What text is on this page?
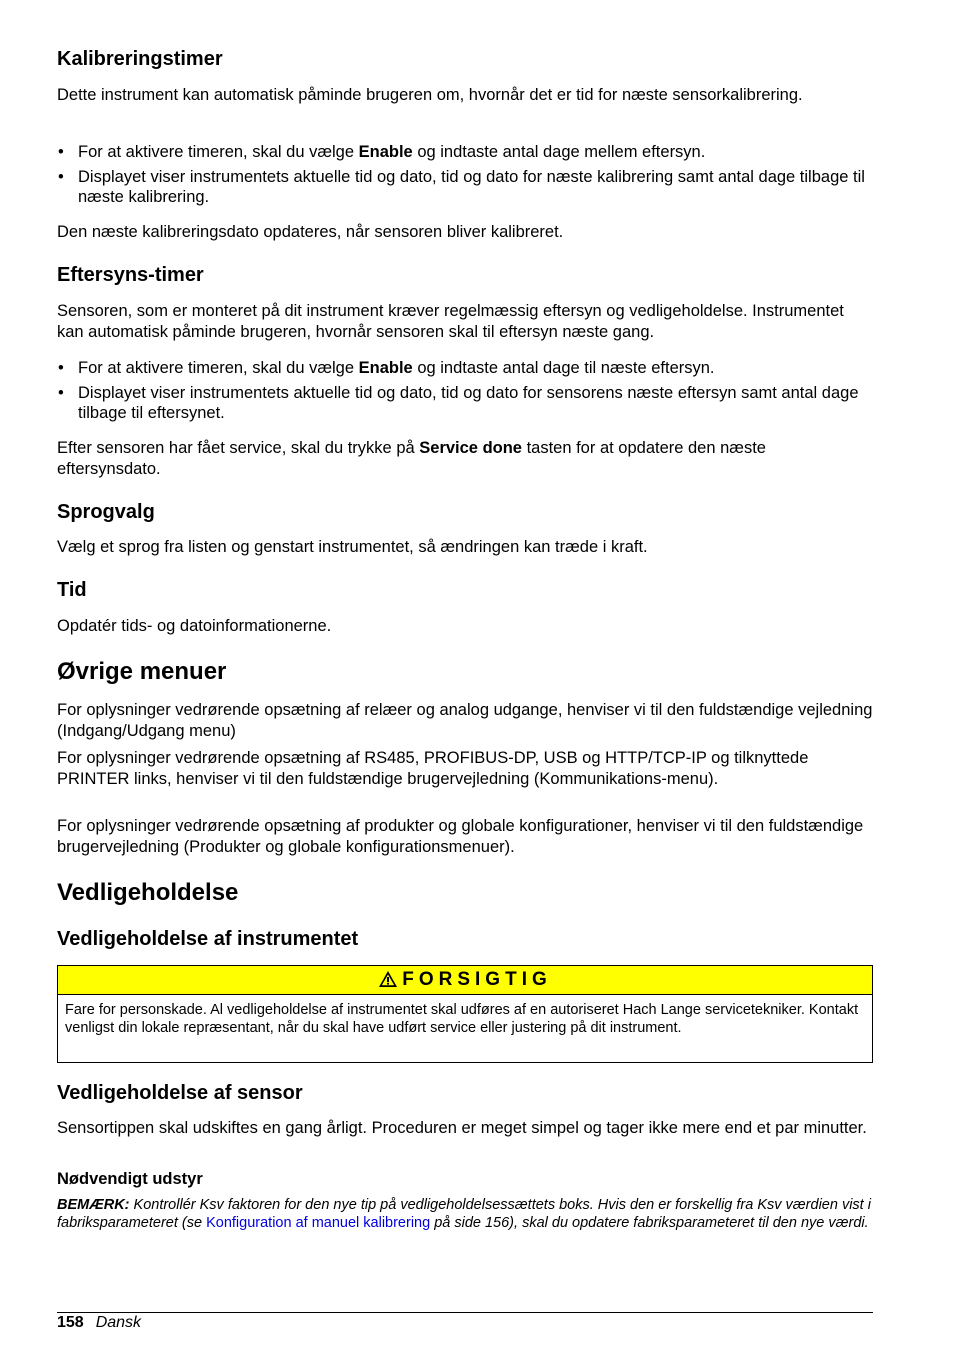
Kalibreringstimer

Dette instrument kan automatisk påminde brugeren om, hvornår det er tid for næste sensorkalibrering.

• For at aktivere timeren, skal du vælge Enable og indtaste antal dage mellem eftersyn.
• Displayet viser instrumentets aktuelle tid og dato, tid og dato for næste kalibrering samt antal dage tilbage til næste kalibrering.

Den næste kalibreringsdato opdateres, når sensoren bliver kalibreret.

Eftersyns-timer

Sensoren, som er monteret på dit instrument kræver regelmæssig eftersyn og vedligeholdelse. Instrumentet kan automatisk påminde brugeren, hvornår sensoren skal til eftersyn næste gang.

• For at aktivere timeren, skal du vælge Enable og indtaste antal dage til næste eftersyn.
• Displayet viser instrumentets aktuelle tid og dato, tid og dato for sensorens næste eftersyn samt antal dage tilbage til eftersynet.

Efter sensoren har fået service, skal du trykke på Service done tasten for at opdatere den næste eftersynsdato.

Sprogvalg

Vælg et sprog fra listen og genstart instrumentet, så ændringen kan træde i kraft.

Tid

Opdatér tids- og datoinformationerne.

Øvrige menuer

For oplysninger vedrørende opsætning af relæer og analog udgange, henviser vi til den fuldstændige vejledning (Indgang/Udgang menu)

For oplysninger vedrørende opsætning af RS485, PROFIBUS-DP, USB og HTTP/TCP-IP og tilknyttede PRINTER links, henviser vi til den fuldstændige brugervejledning (Kommunikations-menu).

For oplysninger vedrørende opsætning af produkter og globale konfigurationer, henviser vi til den fuldstændige brugervejledning (Produkter og globale konfigurationsmenuer).

Vedligeholdelse
Vedligeholdelse af instrumentet
FORSIGTIG
Fare for personskade. Al vedligeholdelse af instrumentet skal udføres af en autoriseret Hach Lange servicetekniker. Kontakt venligst din lokale repræsentant, når du skal have udført service eller justering på dit instrument.
Vedligeholdelse af sensor

Sensortippen skal udskiftes en gang årligt. Proceduren er meget simpel og tager ikke mere end et par minutter.

Nødvendigt udstyr
BEMÆRK: Kontrollér Ksv faktoren for den nye tip på vedligeholdelsessættets boks. Hvis den er forskellig fra Ksv værdien vist i fabriksparameteret (se Konfiguration af manuel kalibrering på side 156), skal du opdatere fabriksparameteret til den nye værdi.
158 Dansk
